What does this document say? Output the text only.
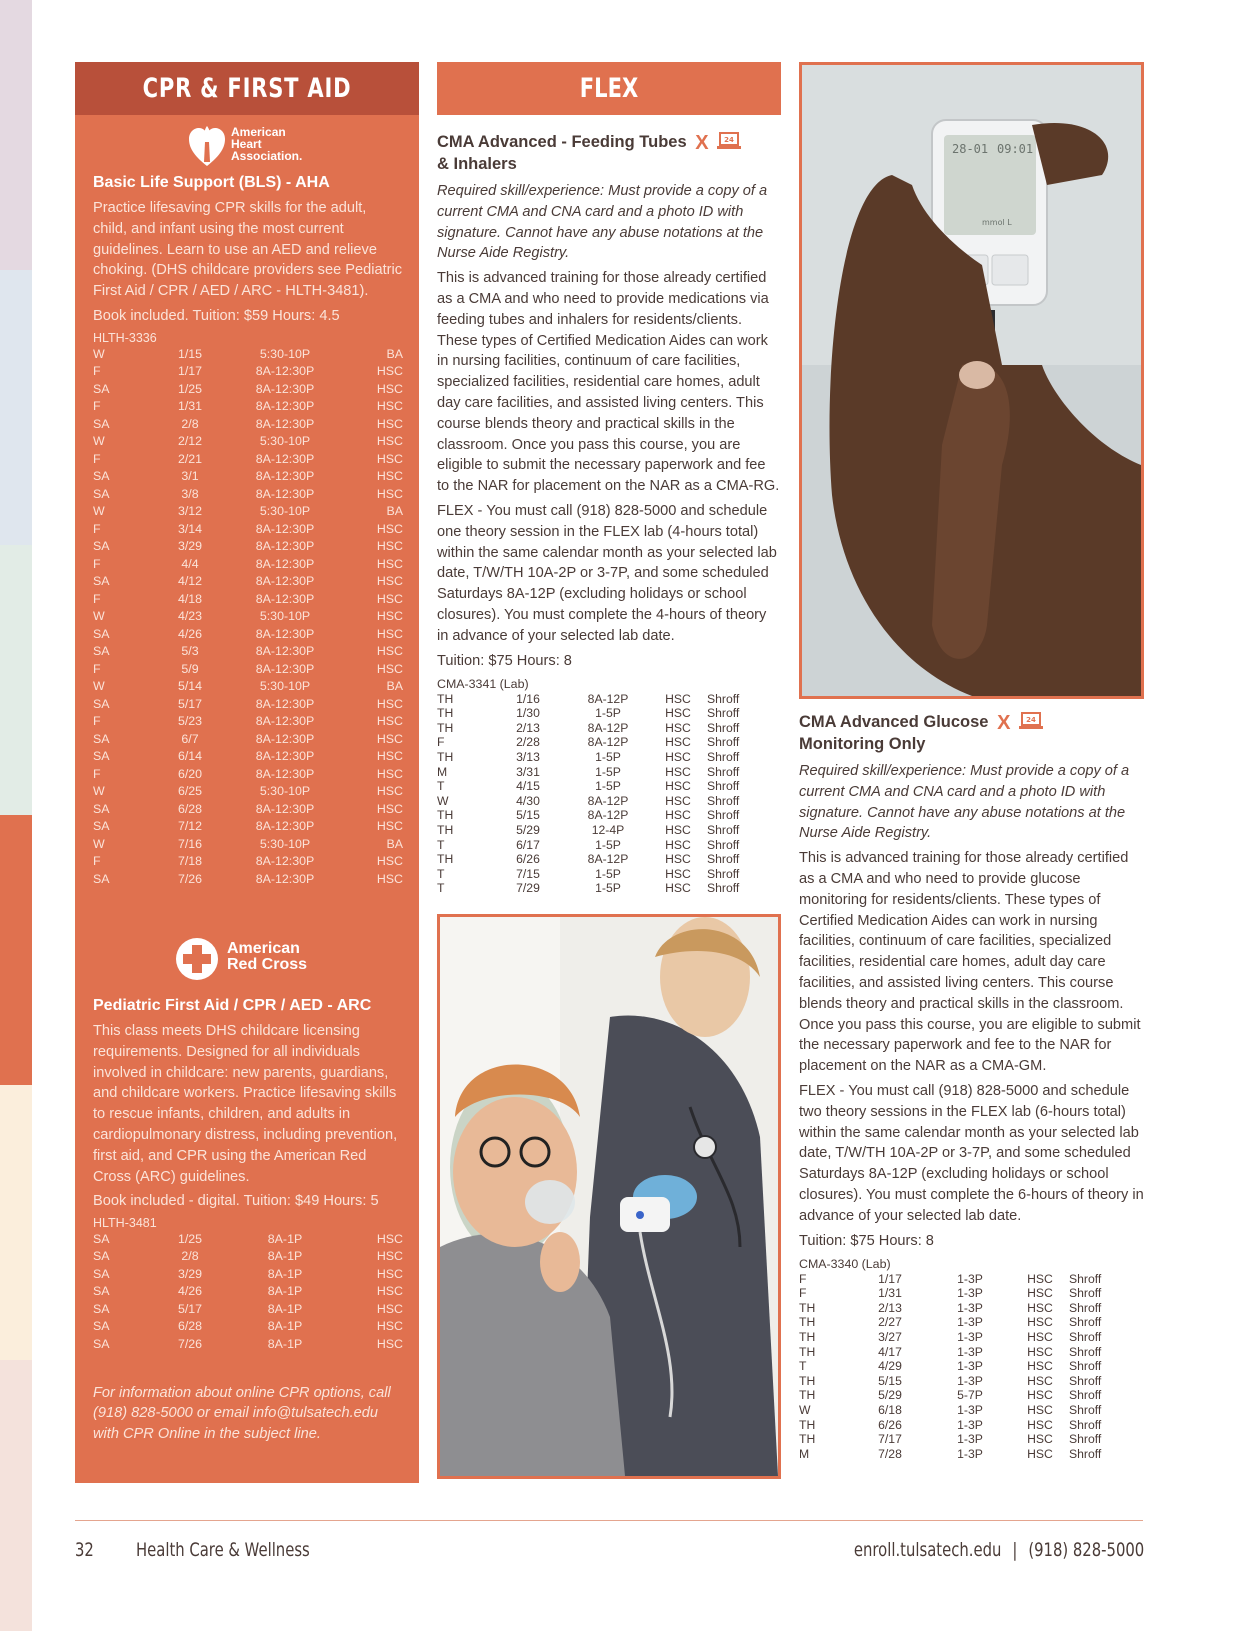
CPR & FIRST AID
American
Heart
Association.
Basic Life Support (BLS) - AHA

Practice lifesaving CPR skills for the adult, child, and infant using the most current guidelines. Learn to use an AED and relieve choking. (DHS childcare providers see Pediatric First Aid / CPR / AED / ARC - HLTH-3481).

Book included. Tuition: $59 Hours: 4.5

HLTH-3336
W	1/15	5:30-10P	BA
F	1/17	8A-12:30P	HSC
SA	1/25	8A-12:30P	HSC
F	1/31	8A-12:30P	HSC
SA	2/8	8A-12:30P	HSC
W	2/12	5:30-10P	HSC
F	2/21	8A-12:30P	HSC
SA	3/1	8A-12:30P	HSC
SA	3/8	8A-12:30P	HSC
W	3/12	5:30-10P	BA
F	3/14	8A-12:30P	HSC
SA	3/29	8A-12:30P	HSC
F	4/4	8A-12:30P	HSC
SA	4/12	8A-12:30P	HSC
F	4/18	8A-12:30P	HSC
W	4/23	5:30-10P	HSC
SA	4/26	8A-12:30P	HSC
SA	5/3	8A-12:30P	HSC
F	5/9	8A-12:30P	HSC
W	5/14	5:30-10P	BA
SA	5/17	8A-12:30P	HSC
F	5/23	8A-12:30P	HSC
SA	6/7	8A-12:30P	HSC
SA	6/14	8A-12:30P	HSC
F	6/20	8A-12:30P	HSC
W	6/25	5:30-10P	HSC
SA	6/28	8A-12:30P	HSC
SA	7/12	8A-12:30P	HSC
W	7/16	5:30-10P	BA
F	7/18	8A-12:30P	HSC
SA	7/26	8A-12:30P	HSC
American
Red Cross
Pediatric First Aid / CPR / AED - ARC

This class meets DHS childcare licensing requirements. Designed for all individuals involved in childcare: new parents, guardians, and childcare workers. Practice lifesaving skills to rescue infants, children, and adults in cardiopulmonary distress, including prevention, first aid, and CPR using the American Red Cross (ARC) guidelines.

Book included - digital. Tuition: $49 Hours: 5

HLTH-3481
SA	1/25	8A-1P	HSC
SA	2/8	8A-1P	HSC
SA	3/29	8A-1P	HSC
SA	4/26	8A-1P	HSC
SA	5/17	8A-1P	HSC
SA	6/28	8A-1P	HSC
SA	7/26	8A-1P	HSC

For information about online CPR options, call (918) 828-5000 or email info@tulsatech.edu with CPR Online in the subject line.

FLEX
CMA Advanced - Feeding Tubes X 24
& Inhalers

Required skill/experience: Must provide a copy of a current CMA and CNA card and a photo ID with signature. Cannot have any abuse notations at the Nurse Aide Registry.

This is advanced training for those already certified as a CMA and who need to provide medications via feeding tubes and inhalers for residents/clients. These types of Certified Medication Aides can work in nursing facilities, continuum of care facilities, specialized facilities, residential care homes, adult day care facilities, and assisted living centers. This course blends theory and practical skills in the classroom. Once you pass this course, you are eligible to submit the necessary paperwork and fee to the NAR for placement on the NAR as a CMA-RG.

FLEX - You must call (918) 828-5000 and schedule one theory session in the FLEX lab (4-hours total) within the same calendar month as your selected lab date, T/W/TH 10A-2P or 3-7P, and some scheduled Saturdays 8A-12P (excluding holidays or school closures). You must complete the 4-hours of theory in advance of your selected lab date.

Tuition: $75 Hours: 8

CMA-3341 (Lab)
TH	1/16	8A-12P	HSC	Shroff
TH	1/30	1-5P	HSC	Shroff
TH	2/13	8A-12P	HSC	Shroff
F	2/28	8A-12P	HSC	Shroff
TH	3/13	1-5P	HSC	Shroff
M	3/31	1-5P	HSC	Shroff
T	4/15	1-5P	HSC	Shroff
W	4/30	8A-12P	HSC	Shroff
TH	5/15	8A-12P	HSC	Shroff
TH	5/29	12-4P	HSC	Shroff
T	6/17	1-5P	HSC	Shroff
TH	6/26	8A-12P	HSC	Shroff
T	7/15	1-5P	HSC	Shroff
T	7/29	1-5P	HSC	Shroff
28-01 09:01
mmol L
CMA Advanced Glucose X 24
Monitoring Only

Required skill/experience: Must provide a copy of a current CMA and CNA card and a photo ID with signature. Cannot have any abuse notations at the Nurse Aide Registry.

This is advanced training for those already certified as a CMA and who need to provide glucose monitoring for residents/clients. These types of Certified Medication Aides can work in nursing facilities, continuum of care facilities, specialized facilities, residential care homes, adult day care facilities, and assisted living centers. This course blends theory and practical skills in the classroom. Once you pass this course, you are eligible to submit the necessary paperwork and fee to the NAR for placement on the NAR as a CMA-GM.

FLEX - You must call (918) 828-5000 and schedule two theory sessions in the FLEX lab (6-hours total) within the same calendar month as your selected lab date, T/W/TH 10A-2P or 3-7P, and some scheduled Saturdays 8A-12P (excluding holidays or school closures). You must complete the 6-hours of theory in advance of your selected lab date.

Tuition: $75 Hours: 8

CMA-3340 (Lab)
F	1/17	1-3P	HSC	Shroff
F	1/31	1-3P	HSC	Shroff
TH	2/13	1-3P	HSC	Shroff
TH	2/27	1-3P	HSC	Shroff
TH	3/27	1-3P	HSC	Shroff
TH	4/17	1-3P	HSC	Shroff
T	4/29	1-3P	HSC	Shroff
TH	5/15	1-3P	HSC	Shroff
TH	5/29	5-7P	HSC	Shroff
W	6/18	1-3P	HSC	Shroff
TH	6/26	1-3P	HSC	Shroff
TH	7/17	1-3P	HSC	Shroff
M	7/28	1-3P	HSC	Shroff
32 Health Care & Wellness	enroll.tulsatech.edu | (918) 828-5000
